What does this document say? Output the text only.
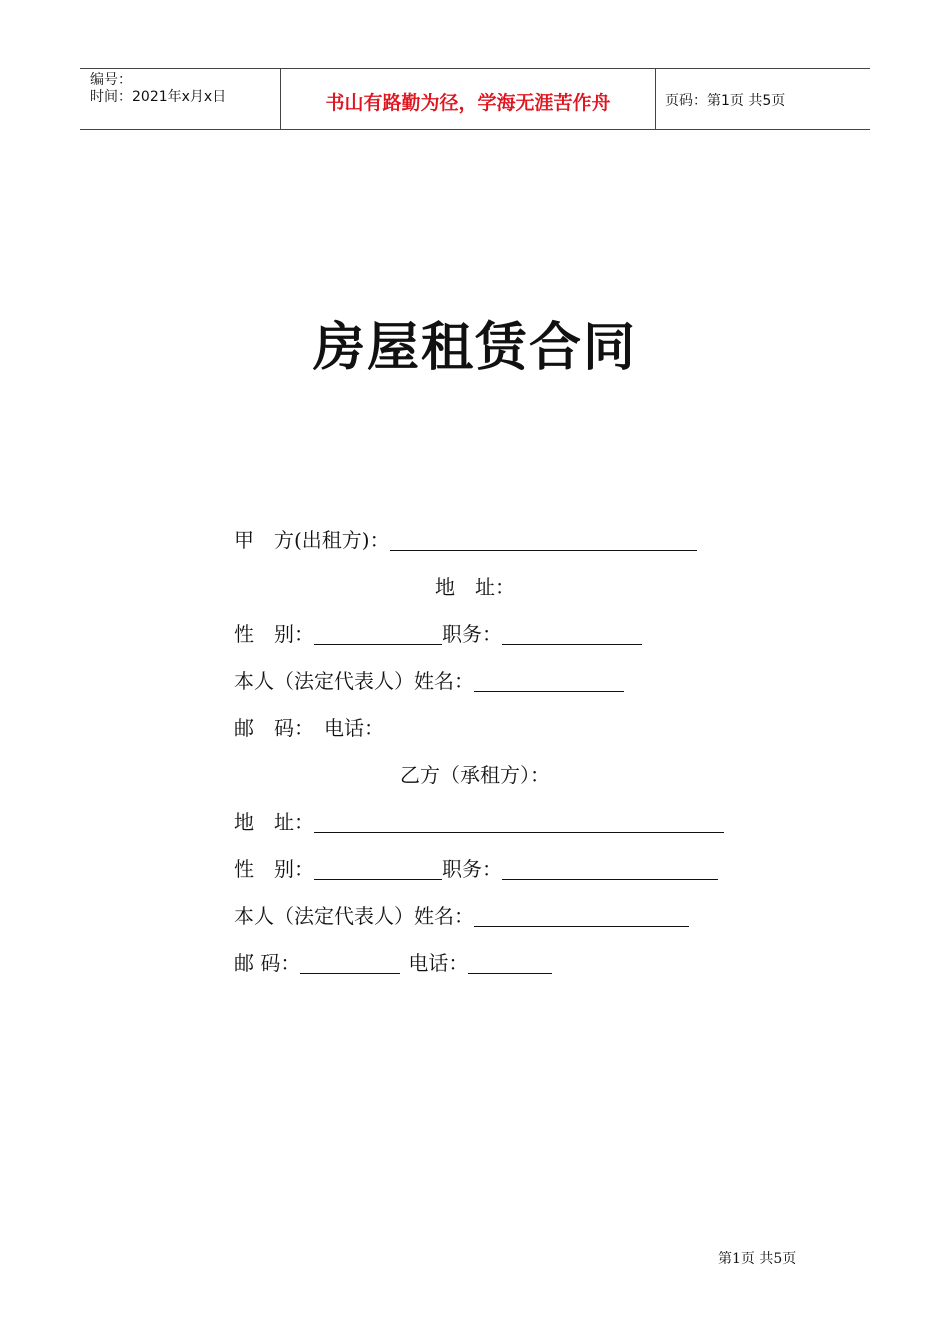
编号：
时间：2021年x月x日	书山有路勤为径，学海无涯苦作舟	页码：第1页 共5页
房屋租赁合同
甲　方(出租方)：
地　址：
性　别：	职务：
本人（法定代表人）姓名：
邮　码：　电话：
乙方（承租方）：
地　址：
性　别：	职务：
本人（法定代表人）姓名：
邮 码：	电话：
第1页 共5页
